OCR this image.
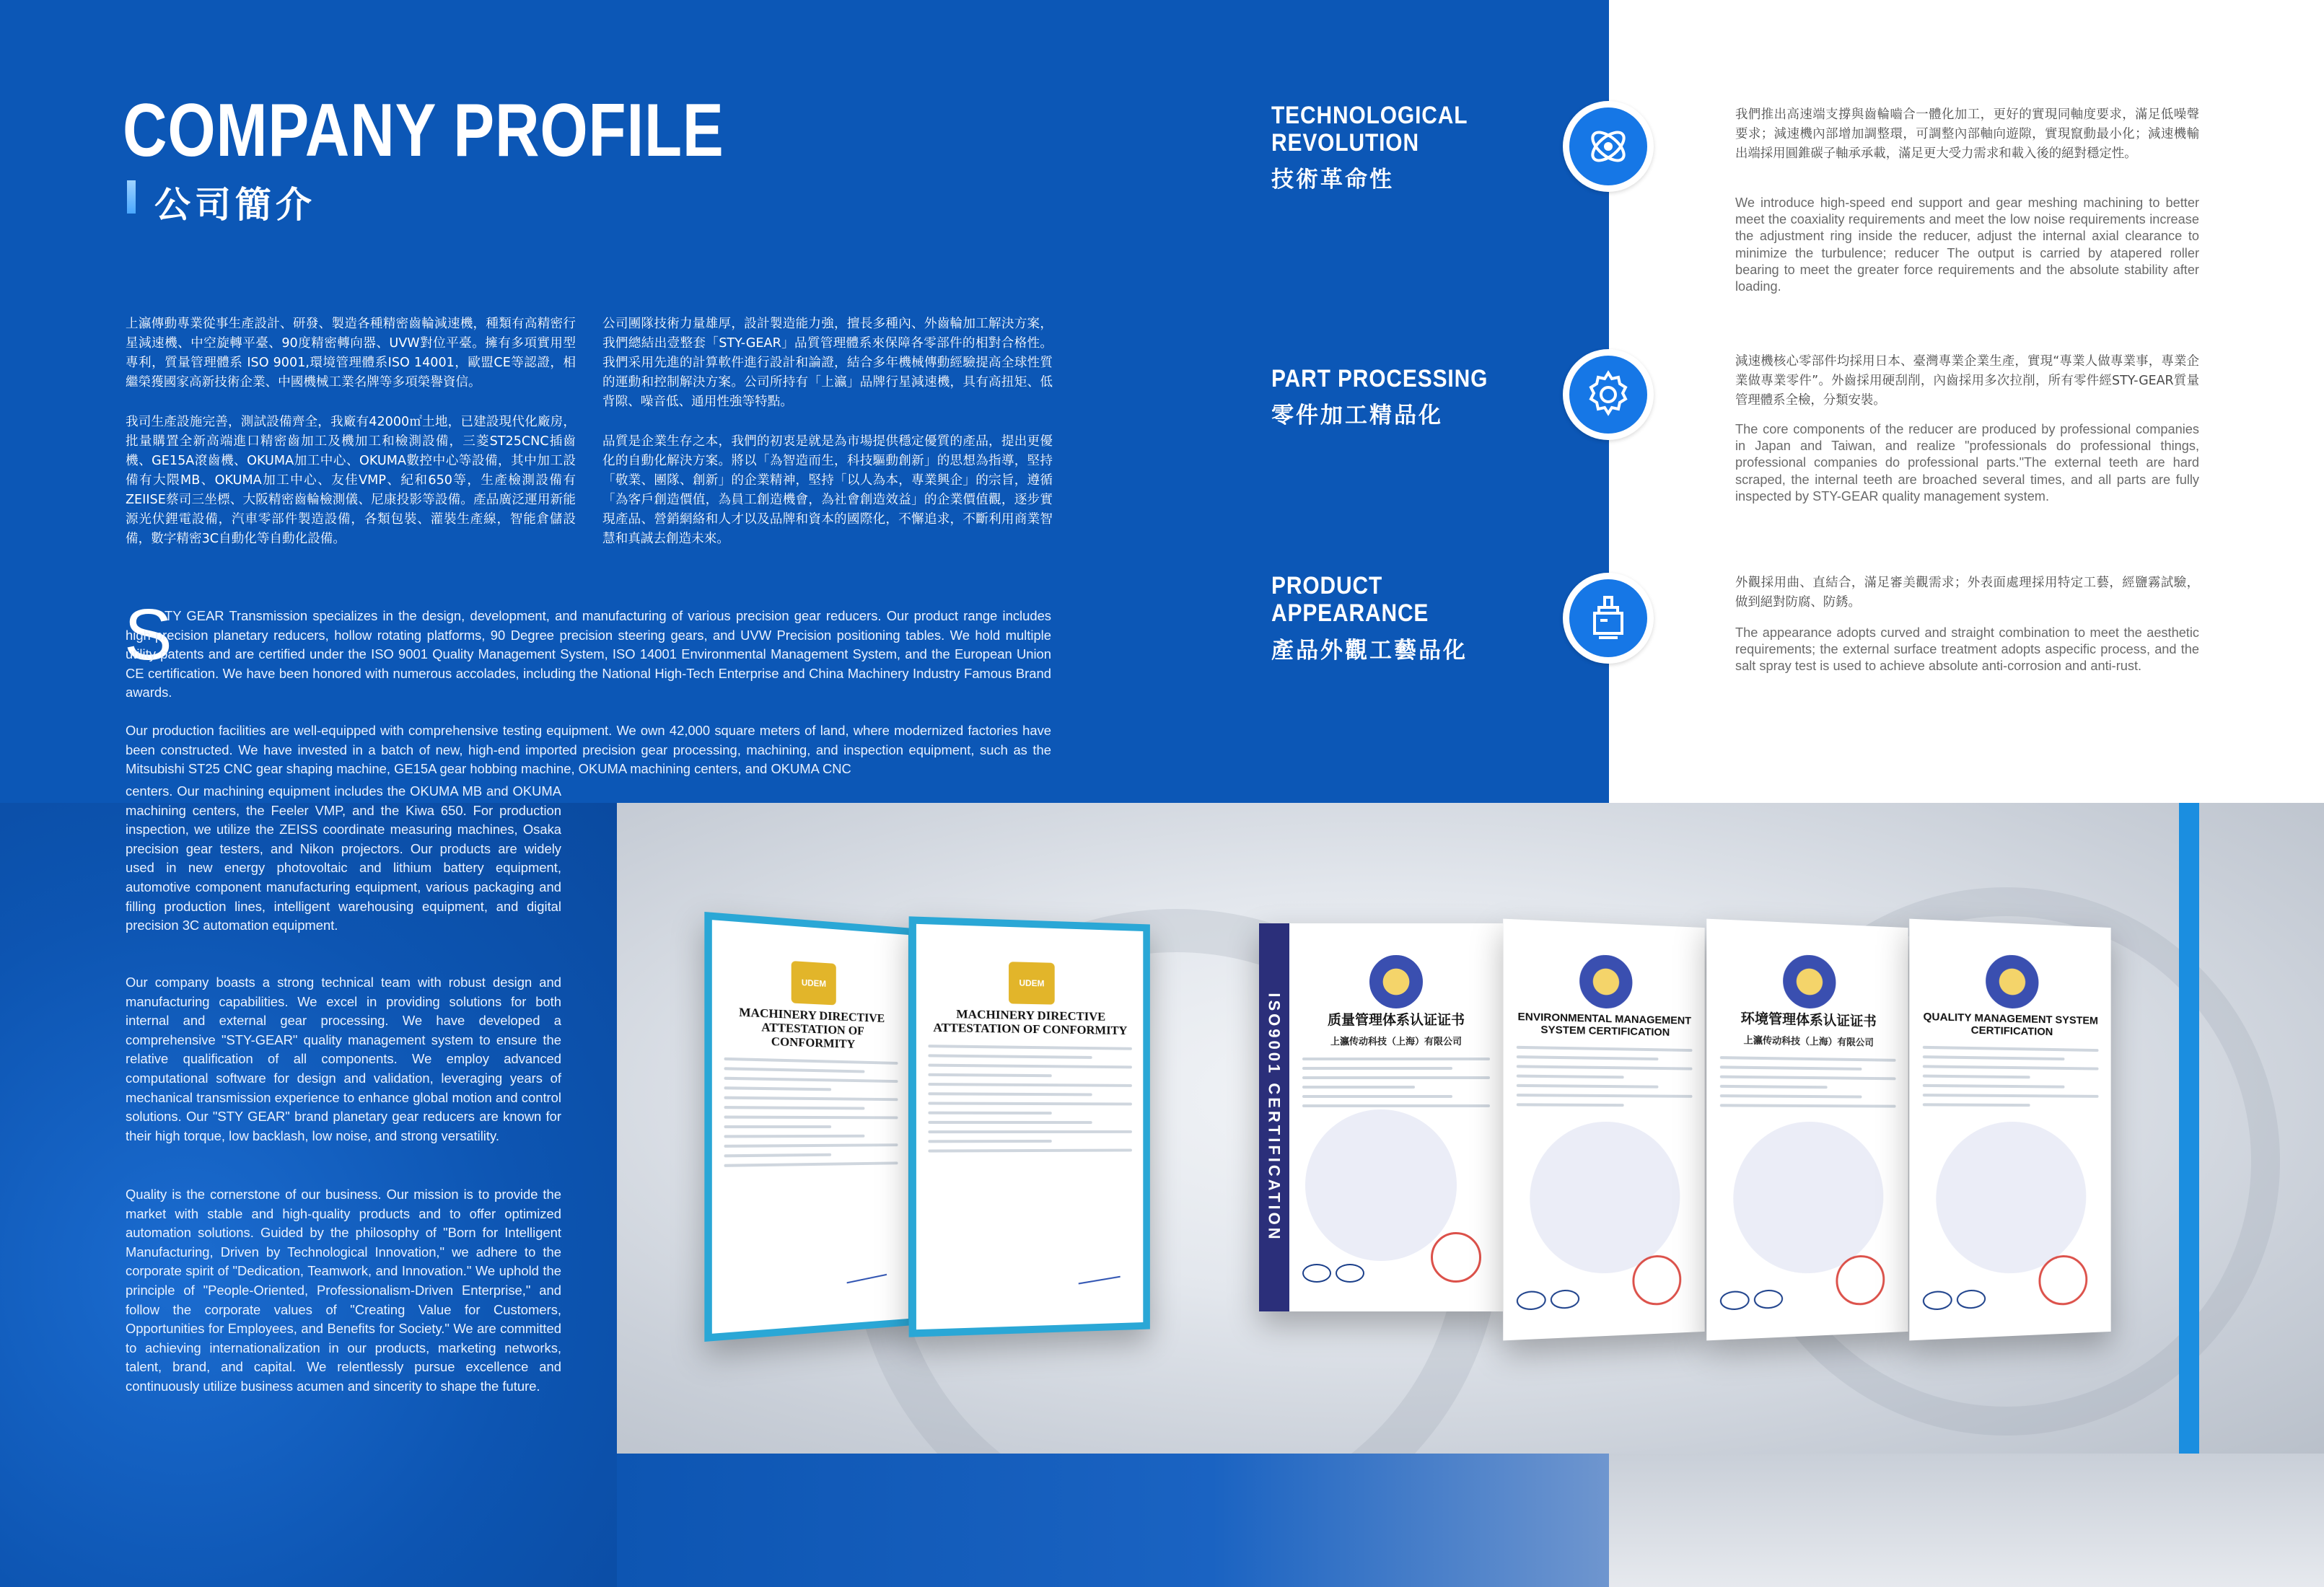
COMPANY PROFILE
公司簡介

上瀛傳動專業從事生產設計、研發、製造各種精密齒輪減速機，種類有高精密行星減速機、中空旋轉平臺、90度精密轉向器、UVW對位平臺。擁有多項實用型專利，質量管理體系 ISO 9001,環境管理體系ISO 14001，歐盟CE等認證，相繼榮獲國家高新技術企業、中國機械工業名牌等多項榮譽資信。

我司生產設施完善，測試設備齊全，我廠有42000㎡土地，已建設現代化廠房，批量購置全新高端進口精密齒加工及機加工和檢測設備，三菱ST25CNC插齒機、GE15A滾齒機、OKUMA加工中心、OKUMA數控中心等設備，其中加工設備有大隈MB、OKUMA加工中心、友佳VMP、紀和650等，生產檢測設備有ZEIISE蔡司三坐標、大阪精密齒輪檢測儀、尼康投影等設備。產品廣泛運用新能源光伏鋰電設備，汽車零部件製造設備，各類包裝、灌裝生產線，智能倉儲設備，數字精密3C自動化等自動化設備。

公司團隊技術力量雄厚，設計製造能力強，擅長多種內、外齒輪加工解決方案，我們總結出壹整套「STY-GEAR」品質管理體系來保障各零部件的相對合格性。我們采用先進的計算軟件進行設計和論證，結合多年機械傳動經驗提高全球性質的運動和控制解決方案。公司所持有「上瀛」品牌行星減速機，具有高扭矩、低背隙、噪音低、通用性強等特點。

品質是企業生存之本，我們的初衷是就是為市場提供穩定優質的產品，提出更優化的自動化解決方案。將以「為智造而生，科技驅動創新」的思想為指導，堅持「敬業、團隊、創新」的企業精神，堅持「以人為本，專業興企」的宗旨，遵循「為客戶創造價值，為員工創造機會，為社會創造效益」的企業價值觀，逐步實現產品、營銷網絡和人才以及品牌和資本的國際化，不懈追求，不斷利用商業智慧和真誠去創造未來。

S

TY GEAR Transmission specializes in the design, development, and manufacturing of various precision gear reducers. Our product range includes high-precision planetary reducers, hollow rotating platforms, 90 Degree precision steering gears, and UVW Precision positioning tables. We hold multiple utility patents and are certified under the ISO 9001 Quality Management System, ISO 14001 Environmental Management System, and the European Union CE certification. We have been honored with numerous accolades, including the National High-Tech Enterprise and China Machinery Industry Famous Brand awards.

Our production facilities are well-equipped with comprehensive testing equipment. We own 42,000 square meters of land, where modernized factories have been constructed. We have invested in a batch of new, high-end imported precision gear processing, machining, and inspection equipment, such as the Mitsubishi ST25 CNC gear shaping machine, GE15A gear hobbing machine, OKUMA machining centers, and OKUMA CNC

centers. Our machining equipment includes the OKUMA MB and OKUMA machining centers, the Feeler VMP, and the Kiwa 650. For production inspection, we utilize the ZEISS coordinate measuring machines, Osaka precision gear testers, and Nikon projectors. Our products are widely used in new energy photovoltaic and lithium battery equipment, automotive component manufacturing equipment, various packaging and filling production lines, intelligent warehousing equipment, and digital precision 3C automation equipment.

Our company boasts a strong technical team with robust design and manufacturing capabilities. We excel in providing solutions for both internal and external gear processing. We have developed a comprehensive "STY-GEAR" quality management system to ensure the relative qualification of all components. We employ advanced computational software for design and validation, leveraging years of mechanical transmission experience to enhance global motion and control solutions. Our "STY GEAR" brand planetary gear reducers are known for their high torque, low backlash, low noise, and strong versatility.

Quality is the cornerstone of our business. Our mission is to provide the market with stable and high-quality products and to offer optimized automation solutions. Guided by the philosophy of "Born for Intelligent Manufacturing, Driven by Technological Innovation," we adhere to the corporate spirit of "Dedication, Teamwork, and Innovation." We uphold the principle of "People-Oriented, Professionalism-Driven Enterprise," and follow the corporate values of "Creating Value for Customers, Opportunities for Employees, and Benefits for Society." We are committed to achieving internationalization in our products, marketing networks, talent, brand, and capital. We relentlessly pursue excellence and continuously utilize business acumen and sincerity to shape the future.

TECHNOLOGICAL
REVOLUTION
技術革命性

我們推出高速端支撐與齒輪嚙合一體化加工，更好的實現同軸度要求，滿足低噪聲要求；減速機內部增加調整環，可調整內部軸向遊隙，實現竄動最小化；減速機輸出端採用圓錐碳子軸承承載，滿足更大受力需求和載入後的絕對穩定性。

We introduce high-speed end support and gear meshing machining to better meet the coaxiality requirements and meet the low noise requirements increase the adjustment ring inside the reducer, adjust the internal axial clearance to minimize the turbulence; reducer The output is carried by atapered roller bearing to meet the greater force requirements and the absolute stability after loading.

PART PROCESSING
零件加工精品化

減速機核心零部件均採用日本、臺灣專業企業生產，實現“專業人做專業事，專業企業做專業零件”。外齒採用硬刮削，內齒採用多次拉削，所有零件經STY-GEAR質量管理體系全檢，分類安裝。

The core components of the reducer are produced by professional companies in Japan and Taiwan, and realize "professionals do professional things, professional companies do professional parts."The external teeth are hard scraped, the internal teeth are broached several times, and all parts are fully inspected by STY-GEAR quality management system.

PRODUCT
APPEARANCE
產品外觀工藝品化

外觀採用曲、直結合，滿足審美觀需求；外表面處理採用特定工藝，經鹽霧試驗，做到絕對防腐、防銹。

The appearance adopts curved and straight combination to meet the aesthetic requirements; the external surface treatment adopts aspecific process, and the salt spray test is used to achieve absolute anti-corrosion and anti-rust.

UDEM
MACHINERY DIRECTIVE ATTESTATION OF CONFORMITY
UDEM
MACHINERY DIRECTIVE ATTESTATION OF CONFORMITY	ISO9001 CERTIFICATION	质量管理体系认证证书
上瀛传动科技（上海）有限公司
ENVIRONMENTAL MANAGEMENT SYSTEM CERTIFICATION
环境管理体系认证证书
上瀛传动科技（上海）有限公司
QUALITY MANAGEMENT SYSTEM CERTIFICATION
